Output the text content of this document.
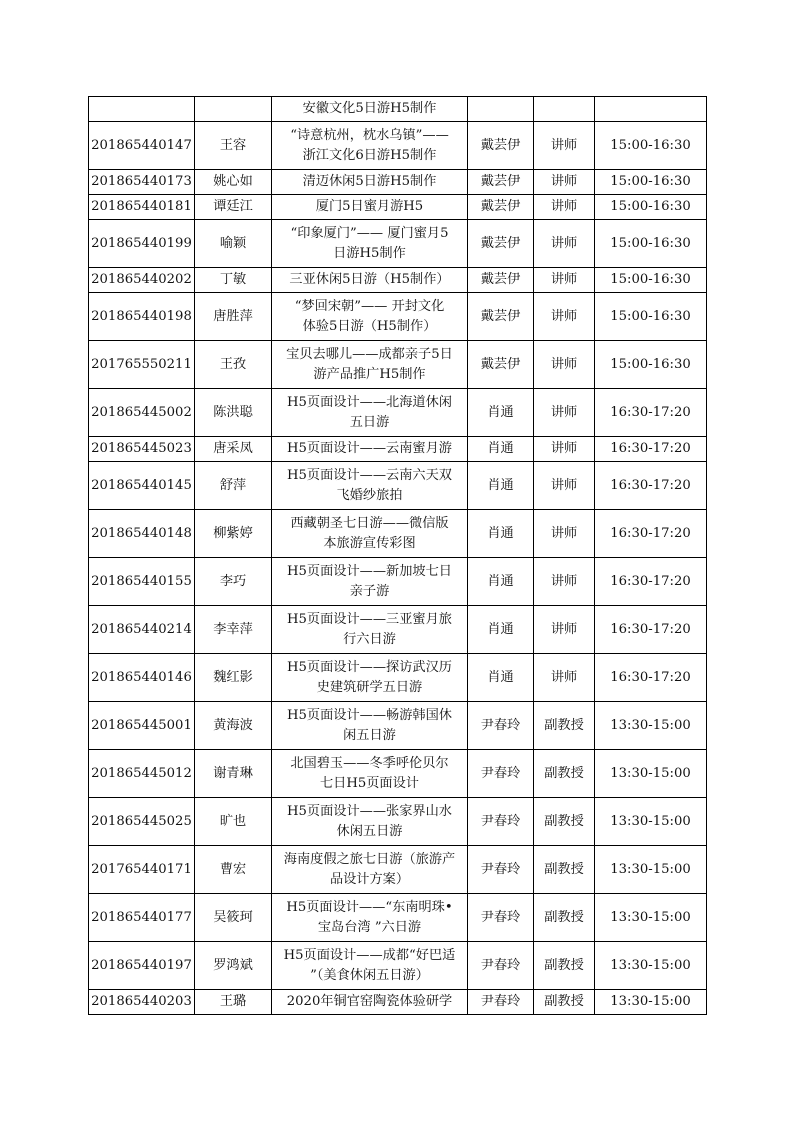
		安徽文化5日游H5制作			

201865440147	王容	“诗意杭州，枕水乌镇”——
浙江文化6日游H5制作	戴芸伊	讲师	15:00-16:30
201865440173	姚心如	清迈休闲5日游H5制作	戴芸伊	讲师	15:00-16:30
201865440181	谭廷江	厦门5日蜜月游H5	戴芸伊	讲师	15:00-16:30
201865440199	喻颖	“印象厦门”—— 厦门蜜月5
日游H5制作	戴芸伊	讲师	15:00-16:30
201865440202	丁敏	三亚休闲5日游（H5制作）	戴芸伊	讲师	15:00-16:30
201865440198	唐胜萍	“梦回宋朝”—— 开封文化
体验5日游（H5制作）	戴芸伊	讲师	15:00-16:30
201765550211	王孜	宝贝去哪儿——成都亲子5日
游产品推广H5制作	戴芸伊	讲师	15:00-16:30
201865445002	陈洪聪	H5页面设计——北海道休闲
五日游	肖通	讲师	16:30-17:20
201865445023	唐采凤	H5页面设计——云南蜜月游	肖通	讲师	16:30-17:20
201865440145	舒萍	H5页面设计——云南六天双
飞婚纱旅拍	肖通	讲师	16:30-17:20
201865440148	柳紫婷	西藏朝圣七日游——微信版
本旅游宣传彩图	肖通	讲师	16:30-17:20
201865440155	李巧	H5页面设计——新加坡七日
亲子游	肖通	讲师	16:30-17:20
201865440214	李幸萍	H5页面设计——三亚蜜月旅
行六日游	肖通	讲师	16:30-17:20
201865440146	魏红影	H5页面设计——探访武汉历
史建筑研学五日游	肖通	讲师	16:30-17:20
201865445001	黄海波	H5页面设计——畅游韩国休
闲五日游	尹春玲	副教授	13:30-15:00
201865445012	谢青琳	北国碧玉——冬季呼伦贝尔
七日H5页面设计	尹春玲	副教授	13:30-15:00
201865445025	旷也	H5页面设计——张家界山水
休闲五日游	尹春玲	副教授	13:30-15:00
201765440171	曹宏	海南度假之旅七日游（旅游产
品设计方案）	尹春玲	副教授	13:30-15:00
201865440177	吴筱珂	H5页面设计——“东南明珠•
宝岛台湾 ”六日游	尹春玲	副教授	13:30-15:00
201865440197	罗鸿斌	H5页面设计——成都“好巴适
”（美食休闲五日游）	尹春玲	副教授	13:30-15:00
201865440203	王璐	2020年铜官窑陶瓷体验研学	尹春玲	副教授	13:30-15:00
